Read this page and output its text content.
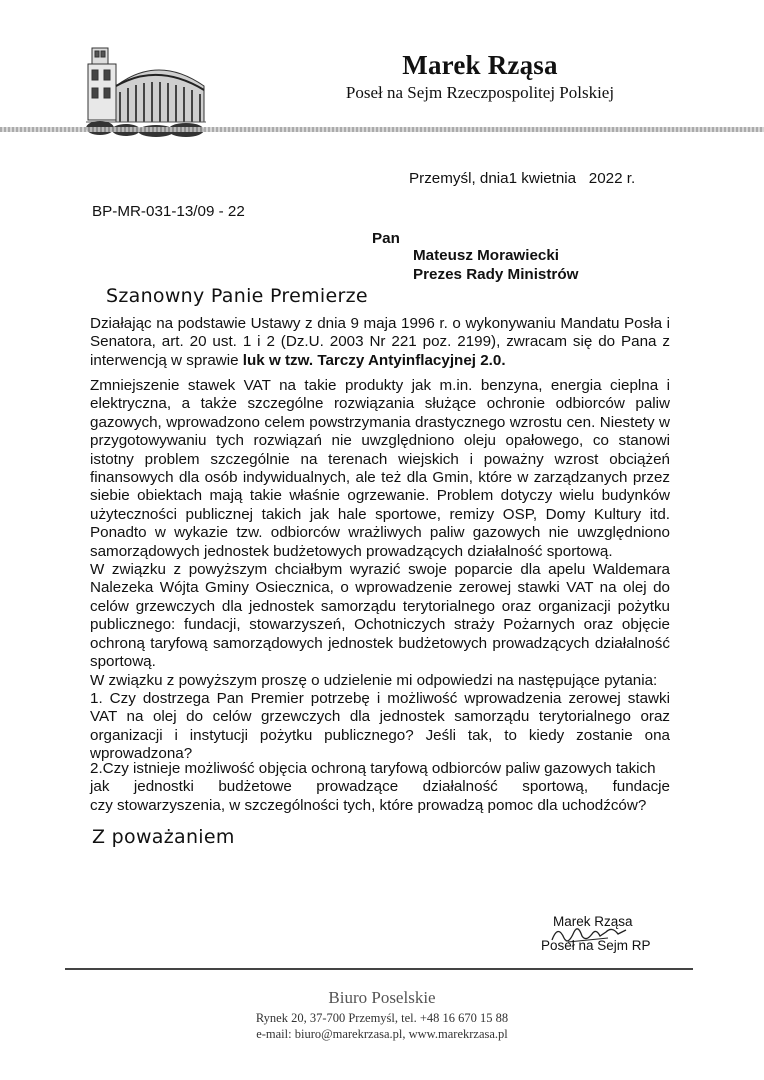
Marek Rząsa
Poseł na Sejm Rzeczpospolitej Polskiej
Przemyśl, dnia1 kwietnia   2022 r.
BP-MR-031-13/09 - 22
Pan
Mateusz Morawiecki
Prezes Rady Ministrów
Szanowny Panie Premierze
Działając na podstawie Ustawy z dnia 9 maja 1996 r. o wykonywaniu Mandatu Posła i Senatora, art. 20 ust. 1 i 2 (Dz.U. 2003 Nr 221 poz. 2199), zwracam się do Pana z interwencją w sprawie luk w tzw. Tarczy Antyinflacyjnej 2.0.

Zmniejszenie stawek VAT na takie produkty jak m.in. benzyna, energia cieplna i elektryczna, a także szczególne rozwiązania służące ochronie odbiorców paliw gazowych, wprowadzono celem powstrzymania drastycznego wzrostu cen. Niestety w przygotowywaniu tych rozwiązań nie uwzględniono oleju opałowego, co stanowi istotny problem szczególnie na terenach wiejskich i poważny wzrost obciążeń finansowych dla osób indywidualnych, ale też dla Gmin, które w zarządzanych przez siebie obiektach mają takie właśnie ogrzewanie. Problem dotyczy wielu budynków użyteczności publicznej takich jak hale sportowe, remizy OSP, Domy Kultury itd. Ponadto w wykazie tzw. odbiorców wrażliwych paliw gazowych nie uwzględniono samorządowych jednostek budżetowych prowadzących działalność sportową.

W związku z powyższym chciałbym wyrazić swoje poparcie dla apelu Waldemara Nalezeka Wójta Gminy Osiecznica, o wprowadzenie zerowej stawki VAT na olej do celów grzewczych dla jednostek samorządu terytorialnego oraz organizacji pożytku publicznego: fundacji, stowarzyszeń, Ochotniczych straży Pożarnych oraz objęcie ochroną taryfową samorządowych jednostek budżetowych prowadzących działalność sportową.

W związku z powyższym proszę o udzielenie mi odpowiedzi na następujące pytania:

1. Czy dostrzega Pan Premier potrzebę i możliwość wprowadzenia zerowej stawki VAT na olej do celów grzewczych dla jednostek samorządu terytorialnego oraz organizacji i instytucji pożytku publicznego? Jeśli tak, to kiedy zostanie ona wprowadzona?

2.Czy istnieje możliwość objęcia ochroną taryfową odbiorców paliw gazowych takich
jak jednostki budżetowe prowadzące działalność sportową, fundacje
czy stowarzyszenia, w szczególności tych, które prowadzą pomoc dla uchodźców?
Z poważaniem
Marek Rząsa
Poseł na Sejm RP
Biuro Poselskie
Rynek 20, 37-700 Przemyśl, tel. +48 16 670 15 88
e-mail: biuro@marekrzasa.pl, www.marekrzasa.pl
